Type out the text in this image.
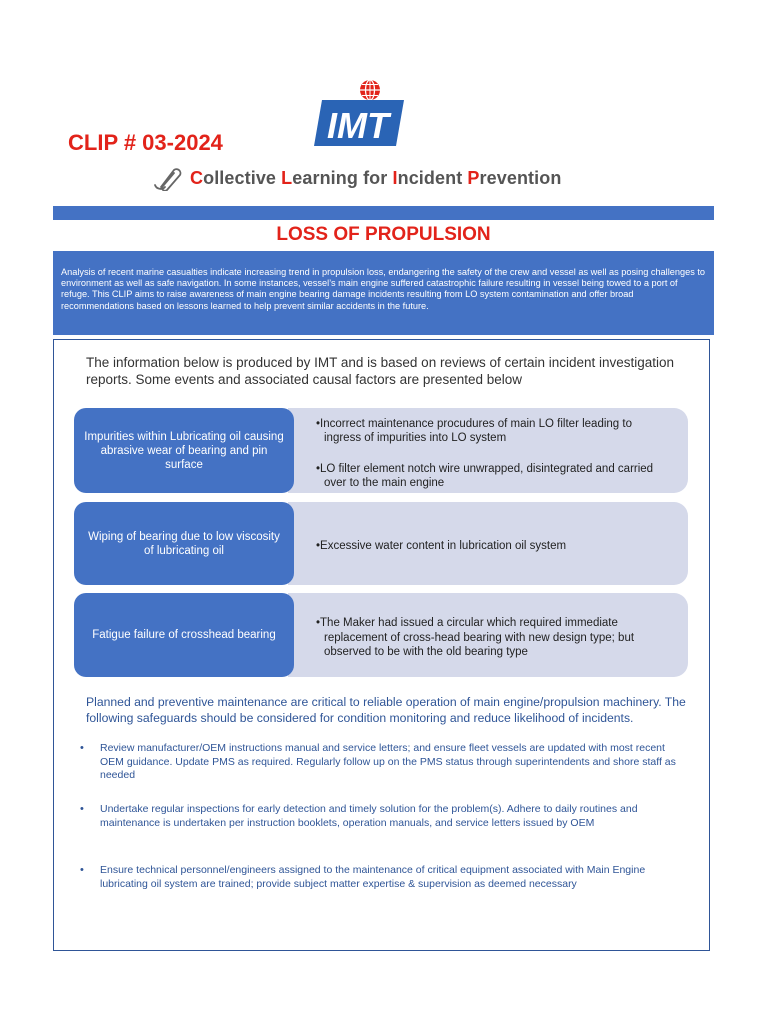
CLIP # 03-2024	IMT
Collective Learning for Incident Prevention
LOSS OF PROPULSION
Analysis of recent marine casualties indicate increasing trend in propulsion loss, endangering the safety of the crew and vessel as well as posing challenges to environment as well as safe navigation. In some instances, vessel’s main engine suffered catastrophic failure resulting in vessel being towed to a port of refuge. This CLIP aims to raise awareness of main engine bearing damage incidents resulting from LO system contamination and offer broad recommendations based on lessons learned to help prevent similar accidents in the future.
The information below is produced by IMT and is based on reviews of certain incident investigation reports. Some events and associated causal factors are presented below
Impurities within Lubricating oil causing abrasive wear of bearing and pin surface

•Incorrect maintenance procudures of main LO filter leading to ingress of impurities into LO system

•LO filter element notch wire unwrapped, disintegrated and carried over to the main engine

Wiping of bearing due to low viscosity of lubricating oil	•Excessive water content in lubrication oil system

Fatigue failure of crosshead bearing

•The Maker had issued a circular which required immediate replacement of cross-head bearing with new design type; but observed to be with the old bearing type

Planned and preventive maintenance are critical to reliable operation of main engine/propulsion machinery. The following safeguards should be considered for condition monitoring and reduce likelihood of incidents.
• Review manufacturer/OEM instructions manual and service letters; and ensure fleet vessels are updated with most recent OEM guidance. Update PMS as required. Regularly follow up on the PMS status through superintendents and shore staff as needed
• Undertake regular inspections for early detection and timely solution for the problem(s). Adhere to daily routines and maintenance is undertaken per instruction booklets, operation manuals, and service letters issued by OEM
• Ensure technical personnel/engineers assigned to the maintenance of critical equipment associated with Main Engine lubricating oil system are trained; provide subject matter expertise & supervision as deemed necessary
